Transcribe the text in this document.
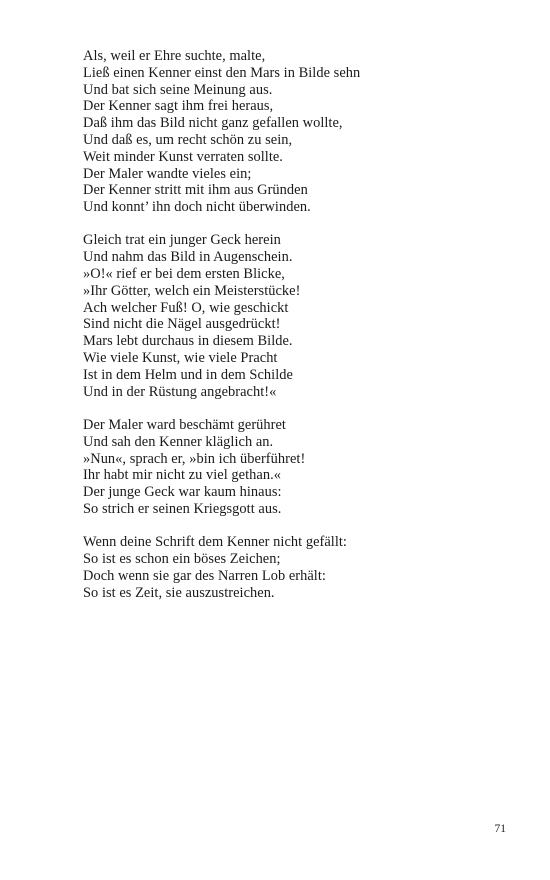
Als, weil er Ehre suchte, malte,
Ließ einen Kenner einst den Mars in Bilde sehn
Und bat sich seine Meinung aus.
Der Kenner sagt ihm frei heraus,
Daß ihm das Bild nicht ganz gefallen wollte,
Und daß es, um recht schön zu sein,
Weit minder Kunst verraten sollte.
Der Maler wandte vieles ein;
Der Kenner stritt mit ihm aus Gründen
Und konnt’ ihn doch nicht überwinden.
Gleich trat ein junger Geck herein
Und nahm das Bild in Augenschein.
»O!« rief er bei dem ersten Blicke,
»Ihr Götter, welch ein Meisterstücke!
Ach welcher Fuß! O, wie geschickt
Sind nicht die Nägel ausgedrückt!
Mars lebt durchaus in diesem Bilde.
Wie viele Kunst, wie viele Pracht
Ist in dem Helm und in dem Schilde
Und in der Rüstung angebracht!«
Der Maler ward beschämt gerühret
Und sah den Kenner kläglich an.
»Nun«, sprach er, »bin ich überführet!
Ihr habt mir nicht zu viel gethan.«
Der junge Geck war kaum hinaus:
So strich er seinen Kriegsgott aus.
Wenn deine Schrift dem Kenner nicht gefällt:
So ist es schon ein böses Zeichen;
Doch wenn sie gar des Narren Lob erhält:
So ist es Zeit, sie auszustreichen.
71
